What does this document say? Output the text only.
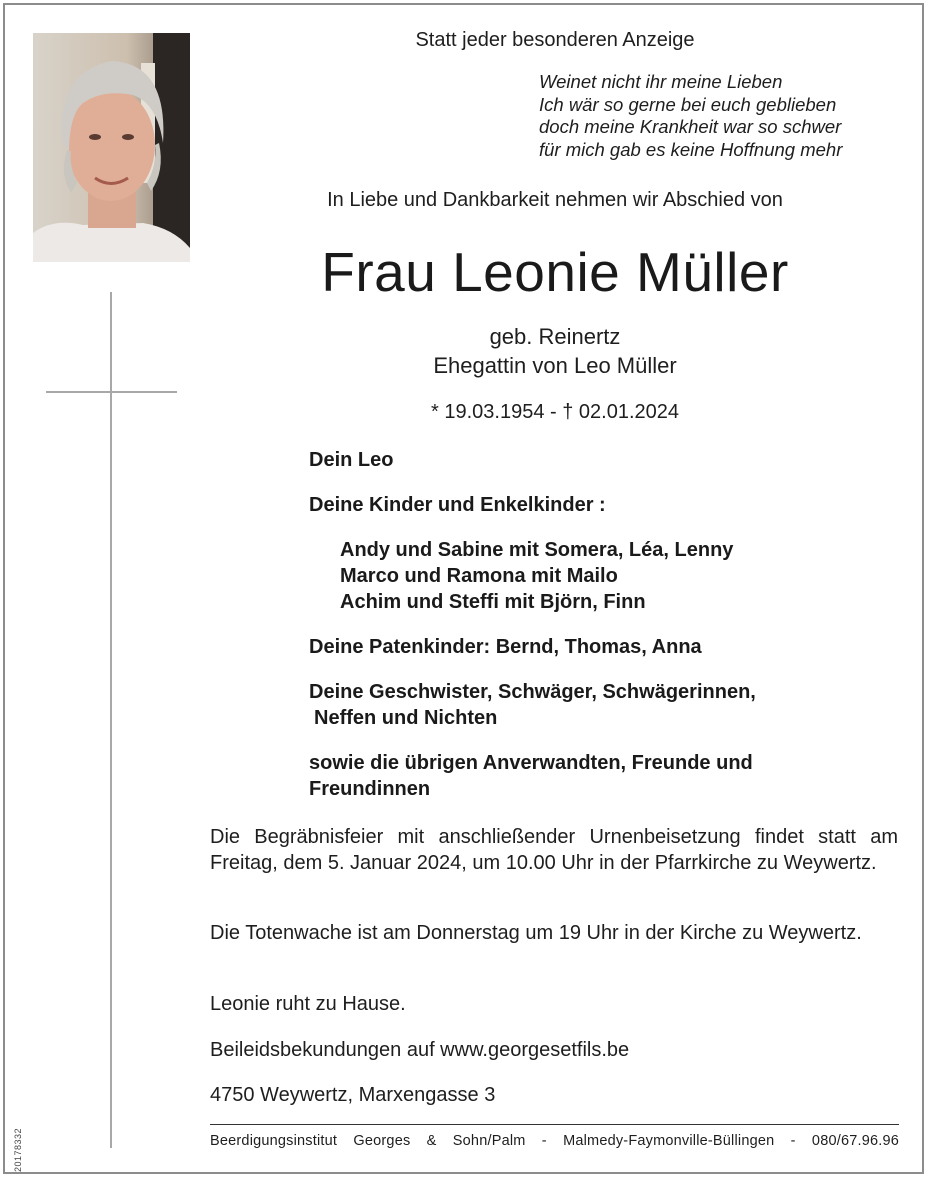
20178332
Statt jeder besonderen Anzeige
Weinet nicht ihr meine Lieben
Ich wär so gerne bei euch geblieben
doch meine Krankheit war so schwer
für mich gab es keine Hoffnung mehr
In Liebe und Dankbarkeit nehmen wir Abschied von
Frau Leonie Müller
geb. Reinertz
Ehegattin von Leo Müller
* 19.03.1954 - † 02.01.2024
Dein Leo
Deine Kinder und Enkelkinder :
Andy und Sabine mit Somera, Léa, Lenny
Marco und Ramona mit Mailo
Achim und Steffi mit Björn, Finn
Deine Patenkinder: Bernd, Thomas, Anna
Deine Geschwister, Schwäger, Schwägerinnen,
Neffen und Nichten
sowie die übrigen Anverwandten, Freunde und
Freundinnen
Die Begräbnisfeier mit anschließender Urnenbeisetzung findet statt am Freitag, dem 5. Januar 2024, um 10.00 Uhr in der Pfarrkirche zu Weywertz.
Die Totenwache ist am Donnerstag um 19 Uhr in der Kirche zu Weywertz.
Leonie ruht zu Hause.
Beileidsbekundungen auf www.georgesetfils.be
4750 Weywertz, Marxengasse 3
Beerdigungsinstitut Georges & Sohn/Palm - Malmedy-Faymonville-Büllingen - 080/67.96.96
